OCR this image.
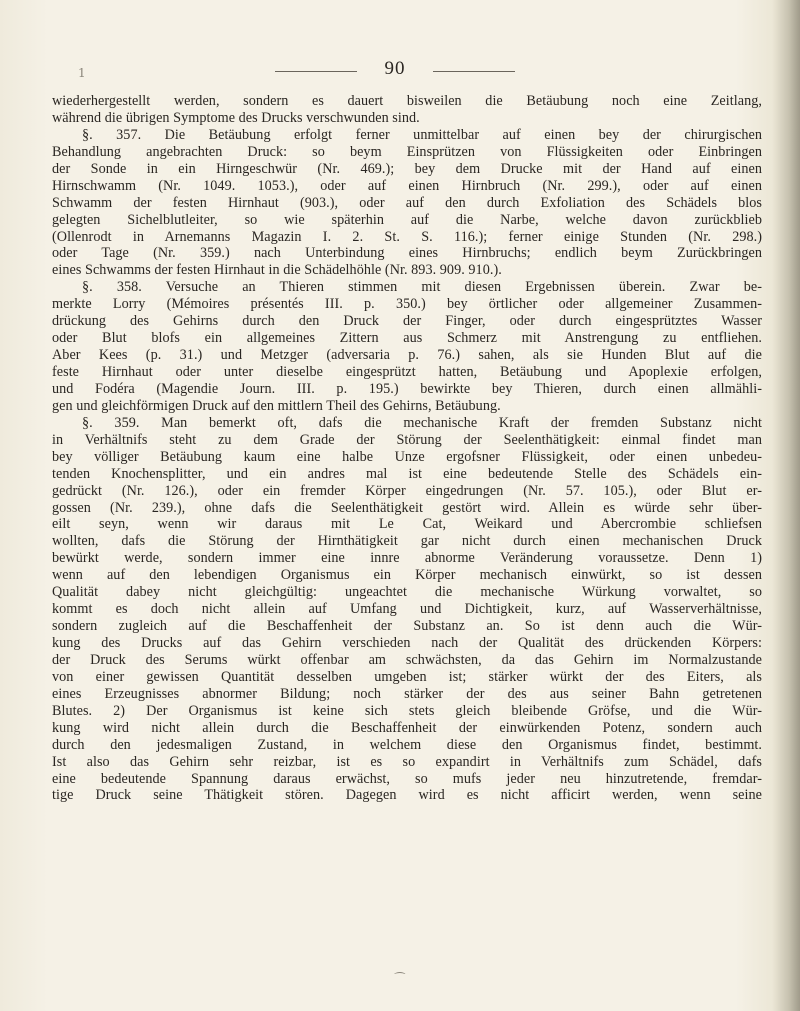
1	90
wiederhergestellt werden, sondern es dauert bisweilen die Betäubung noch eine Zeitlang,
während die übrigen Symptome des Drucks verschwunden sind.
§. 357. Die Betäubung erfolgt ferner unmittelbar auf einen bey der chirurgischen
Behandlung angebrachten Druck: so beym Einsprützen von Flüssigkeiten oder Einbringen
der Sonde in ein Hirngeschwür (Nr. 469.); bey dem Drucke mit der Hand auf einen
Hirnschwamm (Nr. 1049. 1053.), oder auf einen Hirnbruch (Nr. 299.), oder auf einen
Schwamm der festen Hirnhaut (903.), oder auf den durch Exfoliation des Schädels blos
gelegten Sichelblutleiter, so wie späterhin auf die Narbe, welche davon zurückblieb
(Ollenrodt in Arnemanns Magazin I. 2. St. S. 116.); ferner einige Stunden (Nr. 298.)
oder Tage (Nr. 359.) nach Unterbindung eines Hirnbruchs; endlich beym Zurückbringen
eines Schwamms der festen Hirnhaut in die Schädelhöhle (Nr. 893. 909. 910.).
§. 358. Versuche an Thieren stimmen mit diesen Ergebnissen überein. Zwar be-
merkte Lorry (Mémoires présentés III. p. 350.) bey örtlicher oder allgemeiner Zusammen-
drückung des Gehirns durch den Druck der Finger, oder durch eingesprütztes Wasser
oder Blut blofs ein allgemeines Zittern aus Schmerz mit Anstrengung zu entfliehen.
Aber Kees (p. 31.) und Metzger (adversaria p. 76.) sahen, als sie Hunden Blut auf die
feste Hirnhaut oder unter dieselbe eingesprützt hatten, Betäubung und Apoplexie erfolgen,
und Fodéra (Magendie Journ. III. p. 195.) bewirkte bey Thieren, durch einen allmähli-
gen und gleichförmigen Druck auf den mittlern Theil des Gehirns, Betäubung.
§. 359. Man bemerkt oft, dafs die mechanische Kraft der fremden Substanz nicht
in Verhältnifs steht zu dem Grade der Störung der Seelenthätigkeit: einmal findet man
bey völliger Betäubung kaum eine halbe Unze ergofsner Flüssigkeit, oder einen unbedeu-
tenden Knochensplitter, und ein andres mal ist eine bedeutende Stelle des Schädels ein-
gedrückt (Nr. 126.), oder ein fremder Körper eingedrungen (Nr. 57. 105.), oder Blut er-
gossen (Nr. 239.), ohne dafs die Seelenthätigkeit gestört wird. Allein es würde sehr über-
eilt seyn, wenn wir daraus mit Le Cat, Weikard und Abercrombie schliefsen
wollten, dafs die Störung der Hirnthätigkeit gar nicht durch einen mechanischen Druck
bewürkt werde, sondern immer eine innre abnorme Veränderung voraussetze. Denn 1)
wenn auf den lebendigen Organismus ein Körper mechanisch einwürkt, so ist dessen
Qualität dabey nicht gleichgültig: ungeachtet die mechanische Würkung vorwaltet, so
kommt es doch nicht allein auf Umfang und Dichtigkeit, kurz, auf Wasserverhältnisse,
sondern zugleich auf die Beschaffenheit der Substanz an. So ist denn auch die Wür-
kung des Drucks auf das Gehirn verschieden nach der Qualität des drückenden Körpers:
der Druck des Serums würkt offenbar am schwächsten, da das Gehirn im Normalzustande
von einer gewissen Quantität desselben umgeben ist; stärker würkt der des Eiters, als
eines Erzeugnisses abnormer Bildung; noch stärker der des aus seiner Bahn getretenen
Blutes. 2) Der Organismus ist keine sich stets gleich bleibende Gröfse, und die Wür-
kung wird nicht allein durch die Beschaffenheit der einwürkenden Potenz, sondern auch
durch den jedesmaligen Zustand, in welchem diese den Organismus findet, bestimmt.
Ist also das Gehirn sehr reizbar, ist es so expandirt in Verhältnifs zum Schädel, dafs
eine bedeutende Spannung daraus erwächst, so mufs jeder neu hinzutretende, fremdar-
tige Druck seine Thätigkeit stören. Dagegen wird es nicht afficirt werden, wenn seine
⁀
